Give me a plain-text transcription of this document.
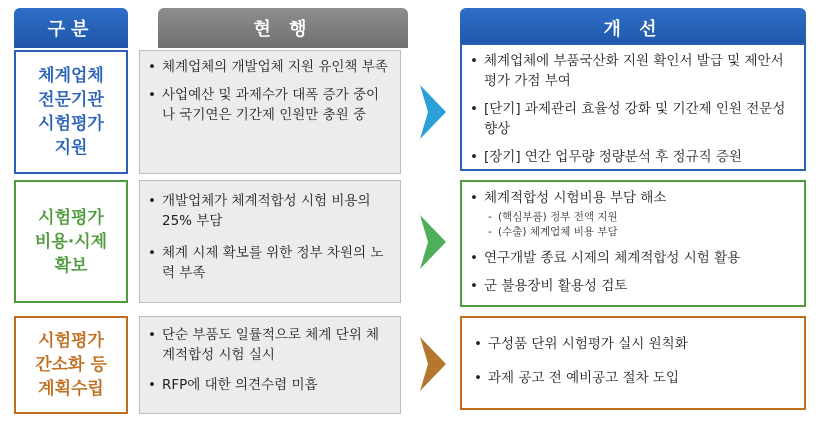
구분	현 행	개 선
체계업체
전문기관
시험평가
지원
• 체계업체의 개발업체 지원 유인책 부족
• 사업예산 및 과제수가 대폭 증가 중이나 국기연은 기간제 인원만 충원 중
• 체계업체에 부품국산화 지원 확인서 발급 및 제안서 평가 가점 부여
• [단기] 과제관리 효율성 강화 및 기간제 인원 전문성 향상
• [장기] 연간 업무량 정량분석 후 정규직 증원
시험평가
비용·시제
확보
• 개발업체가 체계적합성 시험 비용의 25% 부담
• 체계 시제 확보를 위한 정부 차원의 노력 부족
• 체계적합성 시험비용 부담 해소
- (핵심부품) 정부 전액 지원
- (수출) 체계업체 비용 부담
• 연구개발 종료 시제의 체계적합성 시험 활용
• 군 불용장비 활용성 검토
시험평가
간소화 등
계획수립
• 단순 부품도 일률적으로 체계 단위 체계적합성 시험 실시
• RFP에 대한 의견수렴 미흡
• 구성품 단위 시험평가 실시 원칙화
• 과제 공고 전 예비공고 절차 도입
